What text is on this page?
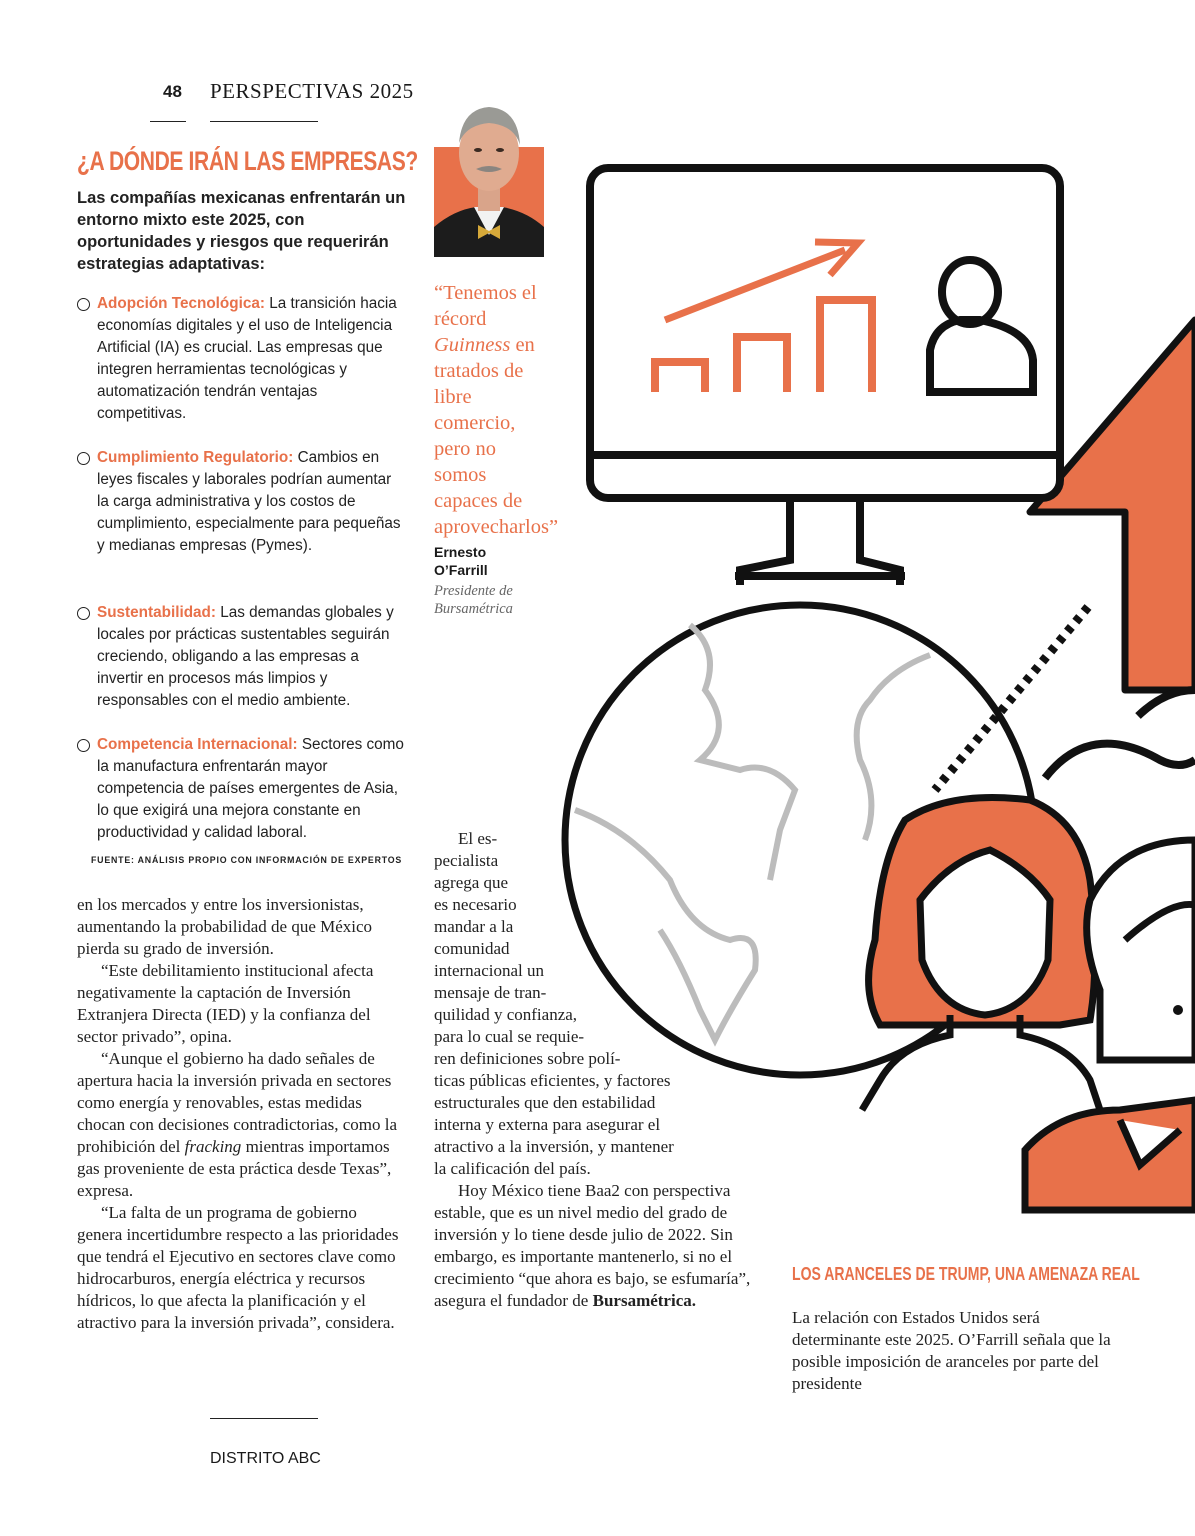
48 PERSPECTIVAS 2025
¿A DÓNDE IRÁN LAS EMPRESAS?
Las compañías mexicanas enfrentarán un entorno mixto este 2025, con oportunidades y riesgos que requerirán estrategias adaptativas:
Adopción Tecnológica: La transición hacia economías digitales y el uso de Inteligencia Artificial (IA) es crucial. Las empresas que integren herramientas tecnológicas y automatización tendrán ventajas competitivas.
Cumplimiento Regulatorio: Cambios en leyes fiscales y laborales podrían aumentar la carga administrativa y los costos de cumplimiento, especialmente para pequeñas y medianas empresas (Pymes).
Sustentabilidad: Las demandas globales y locales por prácticas sustentables seguirán creciendo, obligando a las empresas a invertir en procesos más limpios y responsables con el medio ambiente.
Competencia Internacional: Sectores como la manufactura enfrentarán mayor competencia de países emergentes de Asia, lo que exigirá una mejora constante en productividad y calidad laboral.
FUENTE: ANÁLISIS PROPIO CON INFORMACIÓN DE EXPERTOS

en los mercados y entre los inversionistas, aumentando la probabilidad de que México pierda su grado de inversión.

“Este debilitamiento institucional afecta negativamente la captación de Inversión Extranjera Directa (IED) y la confianza del sector privado”, opina.

“Aunque el gobierno ha dado señales de apertura hacia la inversión privada en sectores como energía y renovables, estas medidas chocan con decisiones contradictorias, como la prohibición del fracking mientras importamos gas proveniente de esta práctica desde Texas”, expresa.

“La falta de un programa de gobierno genera incertidumbre respecto a las prioridades que tendrá el Ejecutivo en sectores clave como hidrocarburos, energía eléctrica y recursos hídricos, lo que afecta la planificación y el atractivo para la inversión privada”, considera.

“Tenemos el récord Guinness en tratados de libre comercio, pero no somos capaces de aprovecharlos”
Ernesto O’Farrill
Presidente de Bursamétrica
El es-
pecialista
agrega que
es necesario
mandar a la
comunidad
internacional un
mensaje de tran-
quilidad y confianza,
para lo cual se requie-
ren definiciones sobre polí-
ticas públicas eficientes, y factores
estructurales que den estabilidad
interna y externa para asegurar el
atractivo a la inversión, y mantener
la calificación del país.

Hoy México tiene Baa2 con perspectiva estable, que es un nivel medio del grado de inversión y lo tiene desde julio de 2022. Sin embargo, es importante mantenerlo, si no el crecimiento “que ahora es bajo, se esfumaría”, asegura el fundador de Bursamétrica.

LOS ARANCELES DE TRUMP, UNA AMENAZA REAL

La relación con Estados Unidos será determinante este 2025. O’Farrill señala que la posible imposición de aranceles por parte del presidente

DISTRITO ABC
